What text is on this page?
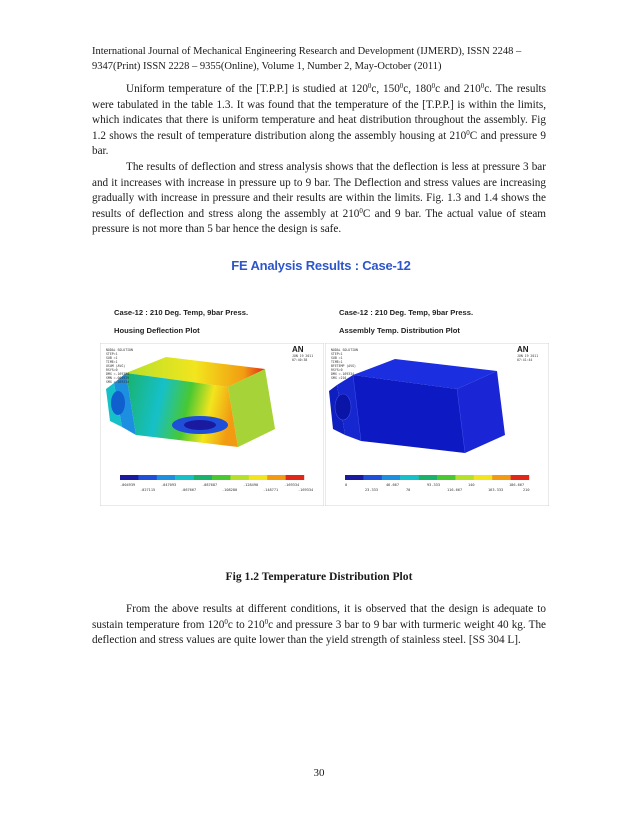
International Journal of Mechanical Engineering Research and Development (IJMERD), ISSN 2248 –
9347(Print) ISSN 2228 – 9355(Online), Volume 1, Number 2, May-October (2011)

Uniform temperature of the [T.P.P.] is studied at $120^0c$, $150^0c$, $180^0c$ and $210^0c$. The results were tabulated in the table 1.3. It was found that the temperature of the [T.P.P.] is within the limits, which indicates that there is uniform temperature and heat distribution throughout the assembly. Fig 1.2 shows the result of temperature distribution along the assembly housing at $210^0C$ and pressure 9 bar.

The results of deflection and stress analysis shows that the deflection is less at pressure 3 bar and it increases with increase in pressure up to 9 bar. The Deflection and stress values are increasing gradually with increase in pressure and their results are within the limits. Fig. 1.3 and 1.4 shows the results of deflection and stress along the assembly at $210^0C$ and 9 bar. The actual value of steam pressure is not more than 5 bar hence the design is safe.

FE Analysis Results : Case-12
Case-12 : 210 Deg. Temp, 9bar Press.
Housing Deflection Plot
Case-12 : 210 Deg. Temp, 9bar Press.
Assembly Temp. Distribution Plot
NODAL SOLUTION
STEP=1
SUB =1
TIME=1
USUM (AVG)
RSYS=0
DMX =.169334
SMN =.004939
SMX =.169334
AN
JUN 19 2011
07:40:38
.004939	.047093	.087687	.128490	.169334
.027115	.067667	.108280	.148771	.169334
NODAL SOLUTION
STEP=1
SUB =1
TIME=1
BFETEMP (AVG)
RSYS=0
DMX =.169334
SMX =210
AN
JUN 19 2011
07:41:44
0	46.667	93.333	140	186.667
23.333	70	116.667	163.333	210
Fig 1.2 Temperature Distribution Plot

From the above results at different conditions, it is observed that the design is adequate to sustain temperature from $120^0c$ to $210^0c$ and pressure 3 bar to 9 bar with turmeric weight 40 kg. The deflection and stress values are quite lower than the yield strength of stainless steel. [SS 304 L].

30
